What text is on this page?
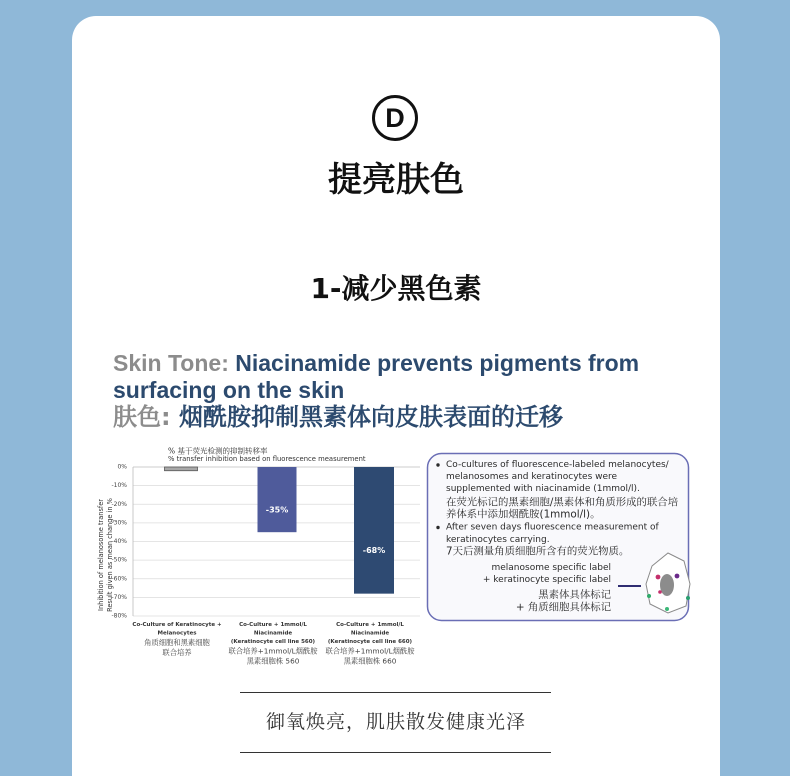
D
提亮肤色
1-减少黑色素
Skin Tone: Niacinamide prevents pigments from
surfacing on the skin
肤色: 烟酰胺抑制黑素体向皮肤表面的迁移
% 基于荧光检测的抑制转移率
% transfer inhibition based on fluorescence measurement
0%
-10%
-20%
-30%
-40%
-50%
-60%
-70%
-80%
Inhibition of melanosome transfer Result given as mean change in %	-35%
-68%
Co-Culture of Keratinocyte +
Melanocytes
角质细胞和黑素细胞
联合培养
Co-Culture + 1mmol/L
Niacinamide
(Keratinocyte cell line 560)
联合培养+1mmol/L烟酰胺
黑素细胞株 560
Co-Culture + 1mmol/L
Niacinamide
(Keratinocyte cell line 660)
联合培养+1mmol/L烟酰胺
黑素细胞株 660
Co-cultures of fluorescence-labeled melanocytes/
melanosomes and keratinocytes were
supplemented with niacinamide (1mmol/l).
在荧光标记的黑素细胞/黑素体和角质形成的联合培
养体系中添加烟酰胺(1mmol/l)。
After seven days fluorescence measurement of
keratinocytes carrying.
7天后测量角质细胞所含有的荧光物质。
melanosome specific label
+ keratinocyte specific label
黑素体具体标记
+ 角质细胞具体标记
御氧焕亮，肌肤散发健康光泽
